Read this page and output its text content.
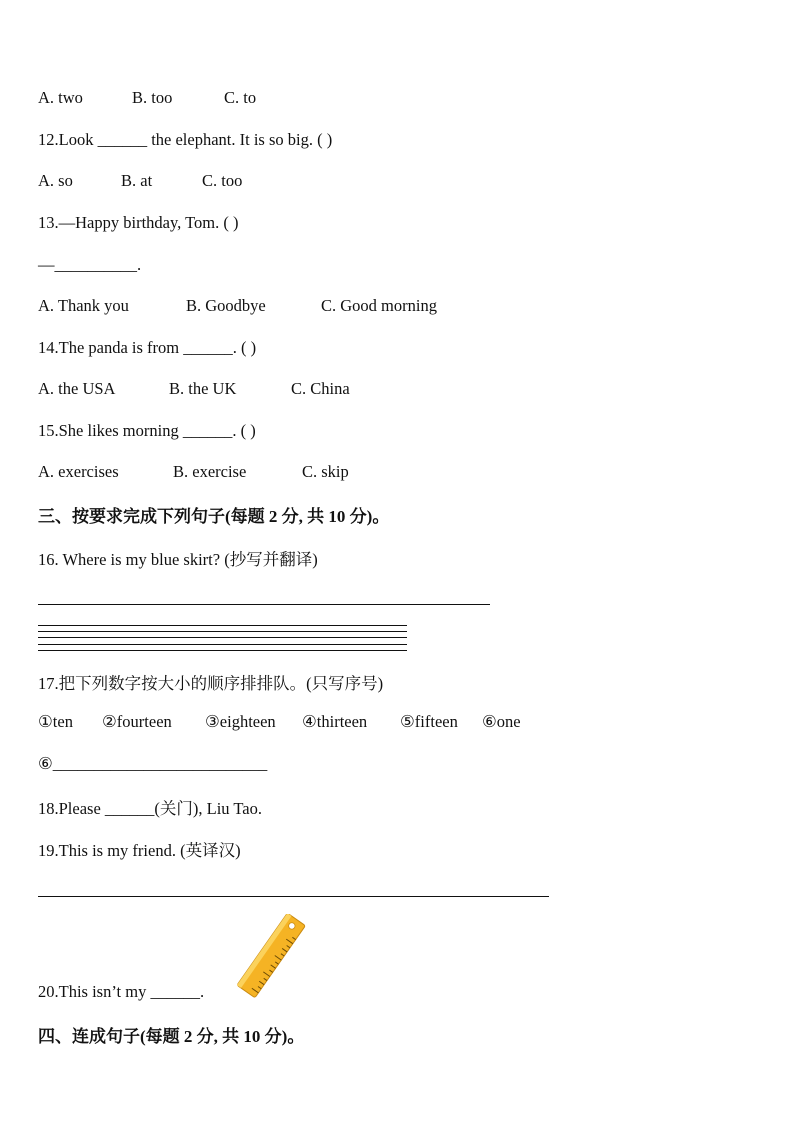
A. two	B. too	C. to
12.Look ______ the elephant. It is so big. ( )
A. so	B. at	C. too
13.—Happy birthday, Tom. ( )
—__________.
A. Thank you	B. Goodbye	C. Good morning
14.The panda is from ______. ( )
A. the USA	B. the UK	C. China
15.She likes morning ______. ( )
A. exercises	B. exercise	C. skip
三、按要求完成下列句子(每题 2 分, 共 10 分)。
16. Where is my blue skirt? (抄写并翻译)
17.把下列数字按大小的顺序排排队。(只写序号)
①ten ②fourteen ③eighteen ④thirteen ⑤fifteen ⑥one
⑥__________________________
18.Please ______(关门), Liu Tao.
19.This is my friend. (英译汉)
20.This isn’t my ______.
四、连成句子(每题 2 分, 共 10 分)。
